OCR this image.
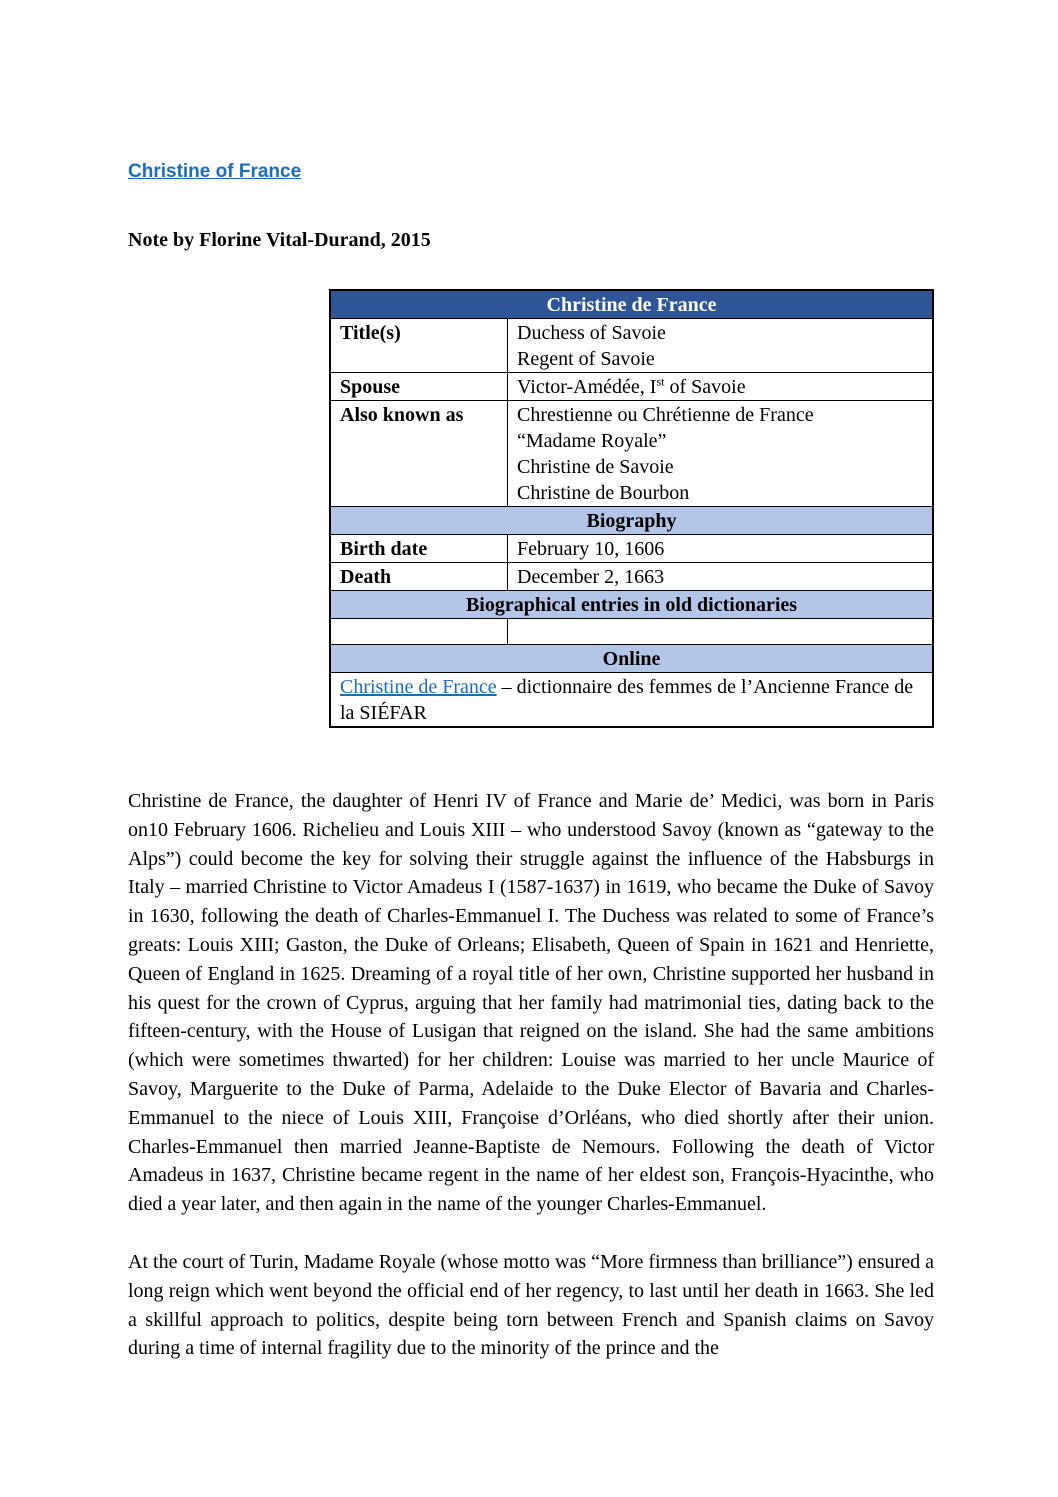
Christine of France
Note by Florine Vital-Durand, 2015
Christine de France	
Title(s)	Duchess of Savoie
Regent of Savoie

Spouse	Victor-Amédée, Ist of Savoie
Also known as	Chrestienne ou Chrétienne de France
“Madame Royale”
Christine de Savoie
Christine de Bourbon

Biography	
Birth date	February 10, 1606
Death	December 2, 1663
Biographical entries in old dictionaries	

Online	
Christine de France – dictionnaire des femmes de l’Ancienne France de la SIÉFAR	

Christine de France, the daughter of Henri IV of France and Marie de’ Medici, was born in Paris on10 February 1606. Richelieu and Louis XIII – who understood Savoy (known as “gateway to the Alps”) could become the key for solving their struggle against the influence of the Habsburgs in Italy – married Christine to Victor Amadeus I (1587-1637) in 1619, who became the Duke of Savoy in 1630, following the death of Charles-Emmanuel I. The Duchess was related to some of France’s greats: Louis XIII; Gaston, the Duke of Orleans; Elisabeth, Queen of Spain in 1621 and Henriette, Queen of England in 1625. Dreaming of a royal title of her own, Christine supported her husband in his quest for the crown of Cyprus, arguing that her family had matrimonial ties, dating back to the fifteen-century, with the House of Lusigan that reigned on the island. She had the same ambitions (which were sometimes thwarted) for her children: Louise was married to her uncle Maurice of Savoy, Marguerite to the Duke of Parma, Adelaide to the Duke Elector of Bavaria and Charles-Emmanuel to the niece of Louis XIII, Françoise d’Orléans, who died shortly after their union. Charles-Emmanuel then married Jeanne-Baptiste de Nemours. Following the death of Victor Amadeus in 1637, Christine became regent in the name of her eldest son, François-Hyacinthe, who died a year later, and then again in the name of the younger Charles-Emmanuel.

At the court of Turin, Madame Royale (whose motto was “More firmness than brilliance”) ensured a long reign which went beyond the official end of her regency, to last until her death in 1663. She led a skillful approach to politics, despite being torn between French and Spanish claims on Savoy during a time of internal fragility due to the minority of the prince and the
